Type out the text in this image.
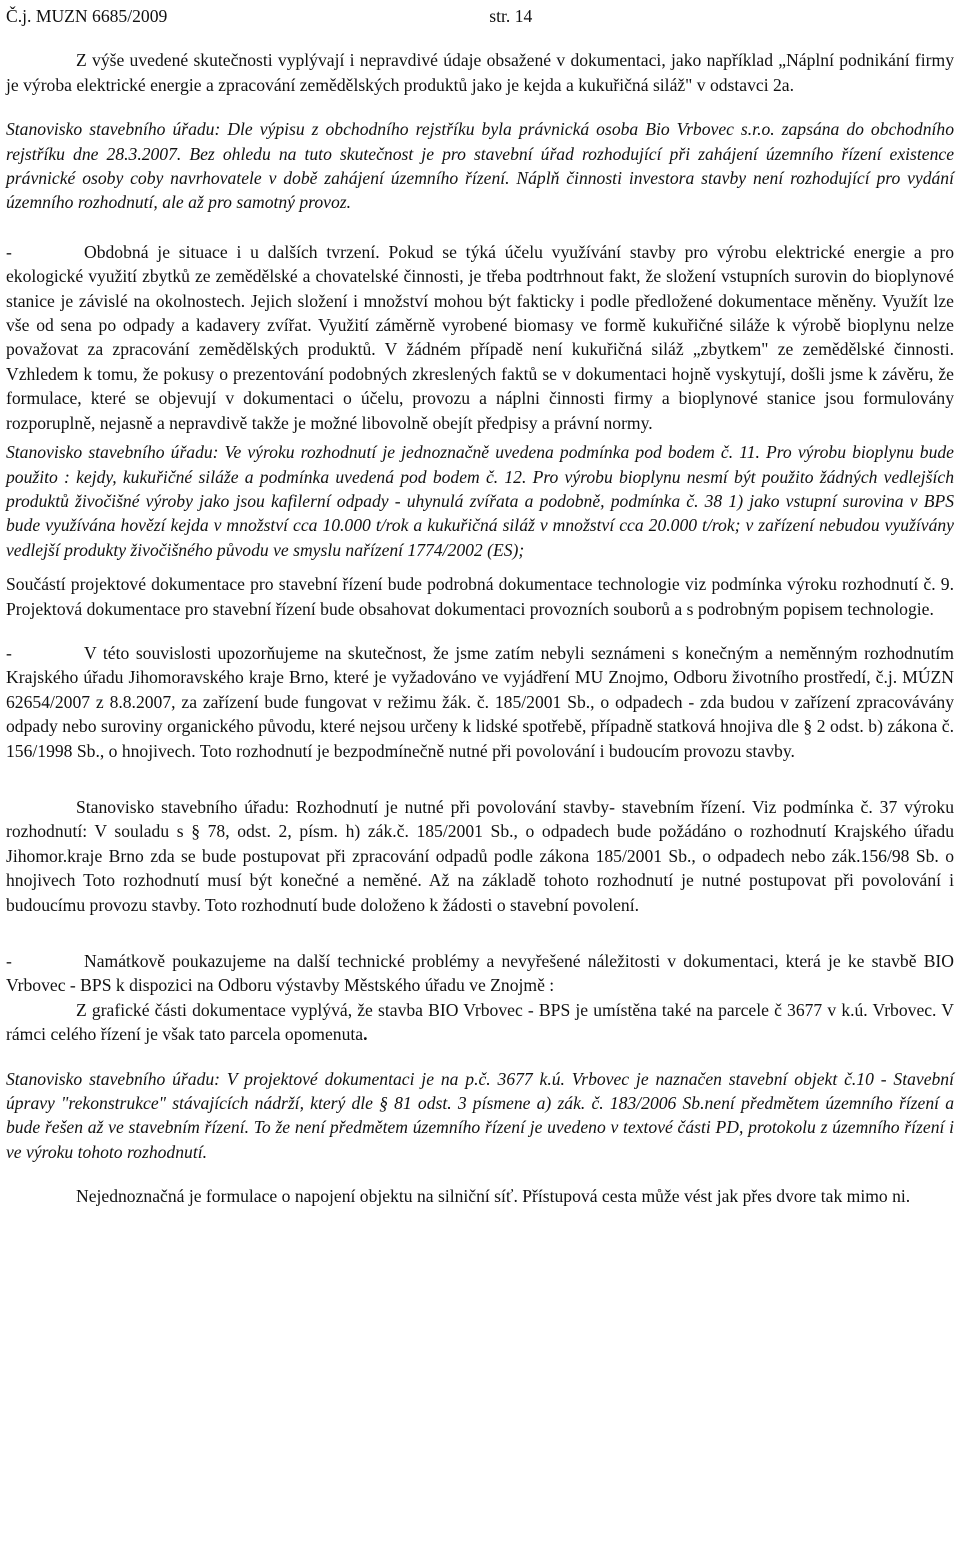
Č.j. MUZN 6685/2009	str. 14

Z výše uvedené skutečnosti vyplývají i nepravdivé údaje obsažené v dokumentaci, jako například „Náplní podnikání firmy je výroba elektrické energie a zpracování zemědělských produktů jako je kejda a kukuřičná siláž" v odstavci 2a.

Stanovisko stavebního úřadu: Dle výpisu z obchodního rejstříku byla právnická osoba Bio Vrbovec s.r.o. zapsána do obchodního rejstříku dne 28.3.2007. Bez ohledu na tuto skutečnost je pro stavební úřad rozhodující při zahájení územního řízení existence právnické osoby coby navrhovatele v době zahájení územního řízení. Náplň činnosti investora stavby není rozhodující pro vydání územního rozhodnutí, ale až pro samotný provoz.

-	Obdobná je situace i u dalších tvrzení. Pokud se týká účelu využívání stavby pro výrobu elektrické energie a pro ekologické využití zbytků ze zemědělské a chovatelské činnosti, je třeba podtrhnout fakt, že složení vstupních surovin do bioplynové stanice je závislé na okolnostech. Jejich složení i množství mohou být fakticky i podle předložené dokumentace měněny. Využít lze vše od sena po odpady a kadavery zvířat. Využití záměrně vyrobené biomasy ve formě kukuřičné siláže k výrobě bioplynu nelze považovat za zpracování zemědělských produktů. V žádném případě není kukuřičná siláž „zbytkem" ze zemědělské činnosti. Vzhledem k tomu, že pokusy o prezentování podobných zkreslených faktů se v dokumentaci hojně vyskytují, došli jsme k závěru, že formulace, které se objevují v dokumentaci o účelu, provozu a náplni činnosti firmy a bioplynové stanice jsou formulovány rozporuplně, nejasně a nepravdivě takže je možné libovolně obejít předpisy a právní normy.

Stanovisko stavebního úřadu: Ve výroku rozhodnutí je jednoznačně uvedena podmínka pod bodem č. 11. Pro výrobu bioplynu bude použito : kejdy, kukuřičné siláže a podmínka uvedená pod bodem č. 12. Pro výrobu bioplynu nesmí být použito žádných vedlejších produktů živočišné výroby jako jsou kafilerní odpady - uhynulá zvířata a podobně, podmínka č. 38 1) jako vstupní surovina v BPS bude využívána hovězí kejda v množství cca 10.000 t/rok a kukuřičná siláž v množství cca 20.000 t/rok; v zařízení nebudou využívány vedlejší produkty živočišného původu ve smyslu nařízení 1774/2002 (ES);

Součástí projektové dokumentace pro stavební řízení bude podrobná dokumentace technologie viz podmínka výroku rozhodnutí č. 9. Projektová dokumentace pro stavební řízení bude obsahovat dokumentaci provozních souborů a s podrobným popisem technologie.

-	V této souvislosti upozorňujeme na skutečnost, že jsme zatím nebyli seznámeni s konečným a neměnným rozhodnutím Krajského úřadu Jihomoravského kraje Brno, které je vyžadováno ve vyjádření MU Znojmo, Odboru životního prostředí, č.j. MÚZN 62654/2007 z 8.8.2007, za zařízení bude fungovat v režimu žák. č. 185/2001 Sb., o odpadech - zda budou v zařízení zpracovávány odpady nebo suroviny organického původu, které nejsou určeny k lidské spotřebě, případně statková hnojiva dle § 2 odst. b) zákona č. 156/1998 Sb., o hnojivech. Toto rozhodnutí je bezpodmínečně nutné při povolování i budoucím provozu stavby.

Stanovisko stavebního úřadu: Rozhodnutí je nutné při povolování stavby- stavebním řízení. Viz podmínka č. 37 výroku rozhodnutí: V souladu s § 78, odst. 2, písm. h) zák.č. 185/2001 Sb., o odpadech bude požádáno o rozhodnutí Krajského úřadu Jihomor.kraje Brno zda se bude postupovat při zpracování odpadů podle zákona 185/2001 Sb., o odpadech nebo zák.156/98 Sb. o hnojivech Toto rozhodnutí musí být konečné a neměné. Až na základě tohoto rozhodnutí je nutné postupovat při povolování i budoucímu provozu stavby. Toto rozhodnutí bude doloženo k žádosti o stavební povolení.

-	Namátkově poukazujeme na další technické problémy a nevyřešené náležitosti v dokumentaci, která je ke stavbě BIO Vrbovec - BPS k dispozici na Odboru výstavby Městského úřadu ve Znojmě :

Z grafické části dokumentace vyplývá, že stavba BIO Vrbovec - BPS je umístěna také na parcele č 3677 v k.ú. Vrbovec. V rámci celého řízení je však tato parcela opomenuta.

Stanovisko stavebního úřadu: V projektové dokumentaci je na p.č. 3677 k.ú. Vrbovec je naznačen stavební objekt č.10 - Stavební úpravy "rekonstrukce" stávajících nádrží, který dle § 81 odst. 3 písmene a) zák. č. 183/2006 Sb.není předmětem územního řízení a bude řešen až ve stavebním řízení. To že není předmětem územního řízení je uvedeno v textové části PD, protokolu z územního řízení i ve výroku tohoto rozhodnutí.

Nejednoznačná je formulace o napojení objektu na silniční síť. Přístupová cesta může vést jak přes dvore tak mimo ni.
